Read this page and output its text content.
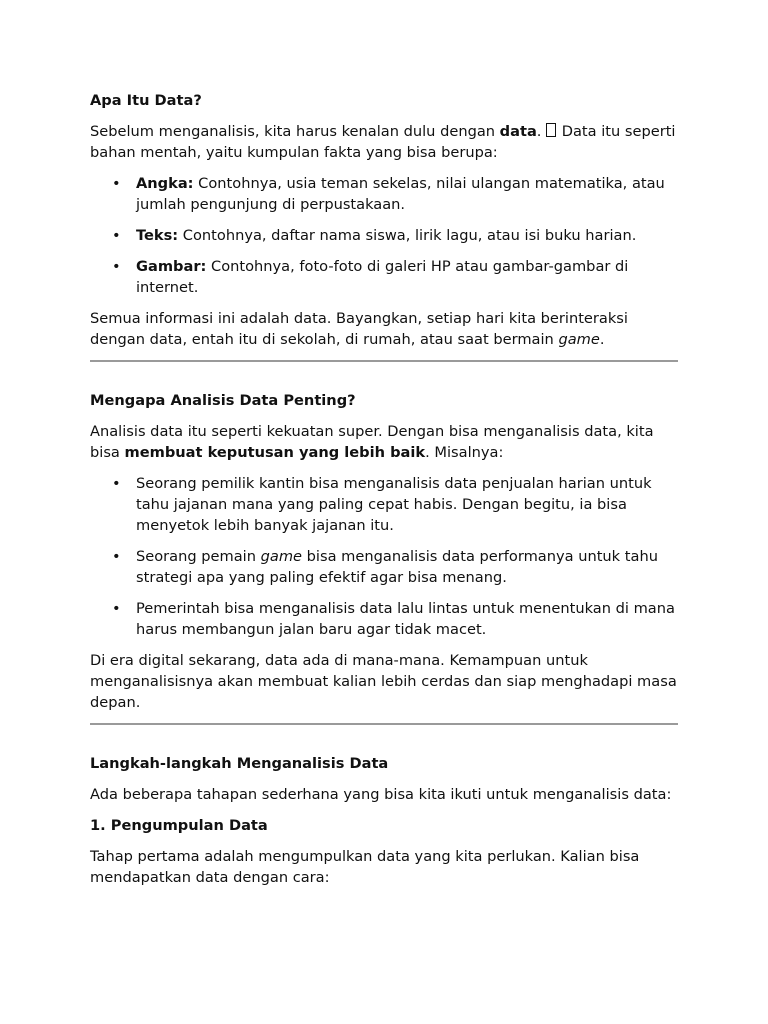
Apa Itu Data?

Sebelum menganalisis, kita harus kenalan dulu dengan data.  Data itu seperti bahan mentah, yaitu kumpulan fakta yang bisa berupa:

• Angka: Contohnya, usia teman sekelas, nilai ulangan matematika, atau jumlah pengunjung di perpustakaan.
• Teks: Contohnya, daftar nama siswa, lirik lagu, atau isi buku harian.
• Gambar: Contohnya, foto-foto di galeri HP atau gambar-gambar di internet.

Semua informasi ini adalah data. Bayangkan, setiap hari kita berinteraksi dengan data, entah itu di sekolah, di rumah, atau saat bermain game.

Mengapa Analisis Data Penting?

Analisis data itu seperti kekuatan super. Dengan bisa menganalisis data, kita bisa membuat keputusan yang lebih baik. Misalnya:

• Seorang pemilik kantin bisa menganalisis data penjualan harian untuk tahu jajanan mana yang paling cepat habis. Dengan begitu, ia bisa menyetok lebih banyak jajanan itu.
• Seorang pemain game bisa menganalisis data performanya untuk tahu strategi apa yang paling efektif agar bisa menang.
• Pemerintah bisa menganalisis data lalu lintas untuk menentukan di mana harus membangun jalan baru agar tidak macet.

Di era digital sekarang, data ada di mana-mana. Kemampuan untuk menganalisisnya akan membuat kalian lebih cerdas dan siap menghadapi masa depan.

Langkah-langkah Menganalisis Data

Ada beberapa tahapan sederhana yang bisa kita ikuti untuk menganalisis data:

1. Pengumpulan Data

Tahap pertama adalah mengumpulkan data yang kita perlukan. Kalian bisa mendapatkan data dengan cara:
